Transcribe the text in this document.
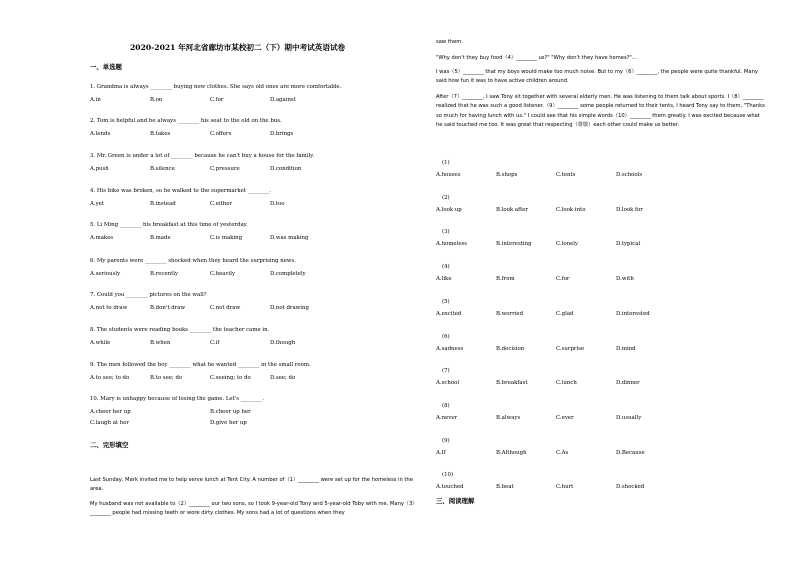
2020-2021 年河北省廊坊市某校初二（下）期中考试英语试卷
一、单选题
1. Grandma is always ________ buying new clothes. She says old ones are more comfortable.
A.in	B.on	C.for	D.against
2. Tom is helpful and he always ________ his seat to the old on the bus.
A.lends	B.takes	C.offers	D.brings
3. Mr. Green is under a lot of ________ because he can't buy a house for the family.
A.push	B.silence	C.pressure	D.condition
4. His bike was broken, so he walked to the supermarket ________.
A.yet	B.instead	C.either	D.too
5. Li Ming ________ his breakfast at this time of yesterday.
A.makes	B.made	C.is making	D.was making
6. My parents were ________ shocked when they heard the surprising news.
A.seriously	B.recently	C.heavily	D.completely
7. Could you ________ pictures on the wall?
A.not to draw	B.don't draw	C.not draw	D.not drawing
8. The students were reading books ________ the teacher came in.
A.while	B.when	C.if	D.though
9. The men followed the boy ________ what he wanted ________ in the small room.
A.to see; to do	B.to see; do	C.seeing; to do	D.see; do
10. Mary is unhappy because of losing the game. Let's ________.
A.cheer her up	B.cheer up her
C.laugh at her	D.give her up
二、完形填空
Last Sunday, Mark invited me to help serve lunch at Tent City. A number of（1）________ were set up for the homeless in the area.
My husband was not available to（2）________ our two sons, so I took 9-year-old Tony and 5-year-old Toby with me. Many（3）________ people had missing teeth or wore dirty clothes. My sons had a lot of questions when they
saw them.
"Why don't they buy food（4）________ us?" "Why don't they have homes?"...
I was（5）________ that my boys would make too much noise. But to my（6）________, the people were quite thankful. Many said how fun it was to have active children around.
After（7）________, I saw Tony sit together with several elderly men. He was listening to them talk about sports. I（8）________ realized that he was such a good listener.（9）________ some people returned to their tents, I heard Tony say to them, "Thanks so much for having lunch with us." I could see that his simple words（10）________ them greatly. I was excited because what he said touched me too. It was great that respecting（尊敬）each other could make us better.
(1)
A.houses	B.shops	C.tents	D.schools
(2)
A.look up	B.look after	C.look into	D.look for
(3)
A.homeless	B.interesting	C.lonely	D.typical
(4)
A.like	B.from	C.for	D.with
(5)
A.excited	B.worried	C.glad	D.interested
(6)
A.sadness	B.decision	C.surprise	D.mind
(7)
A.school	B.breakfast	C.lunch	D.dinner
(8)
A.never	B.always	C.ever	D.usually
(9)
A.If	B.Although	C.As	D.Because
(10)
A.touched	B.beat	C.hurt	D.shocked
三、阅读理解
